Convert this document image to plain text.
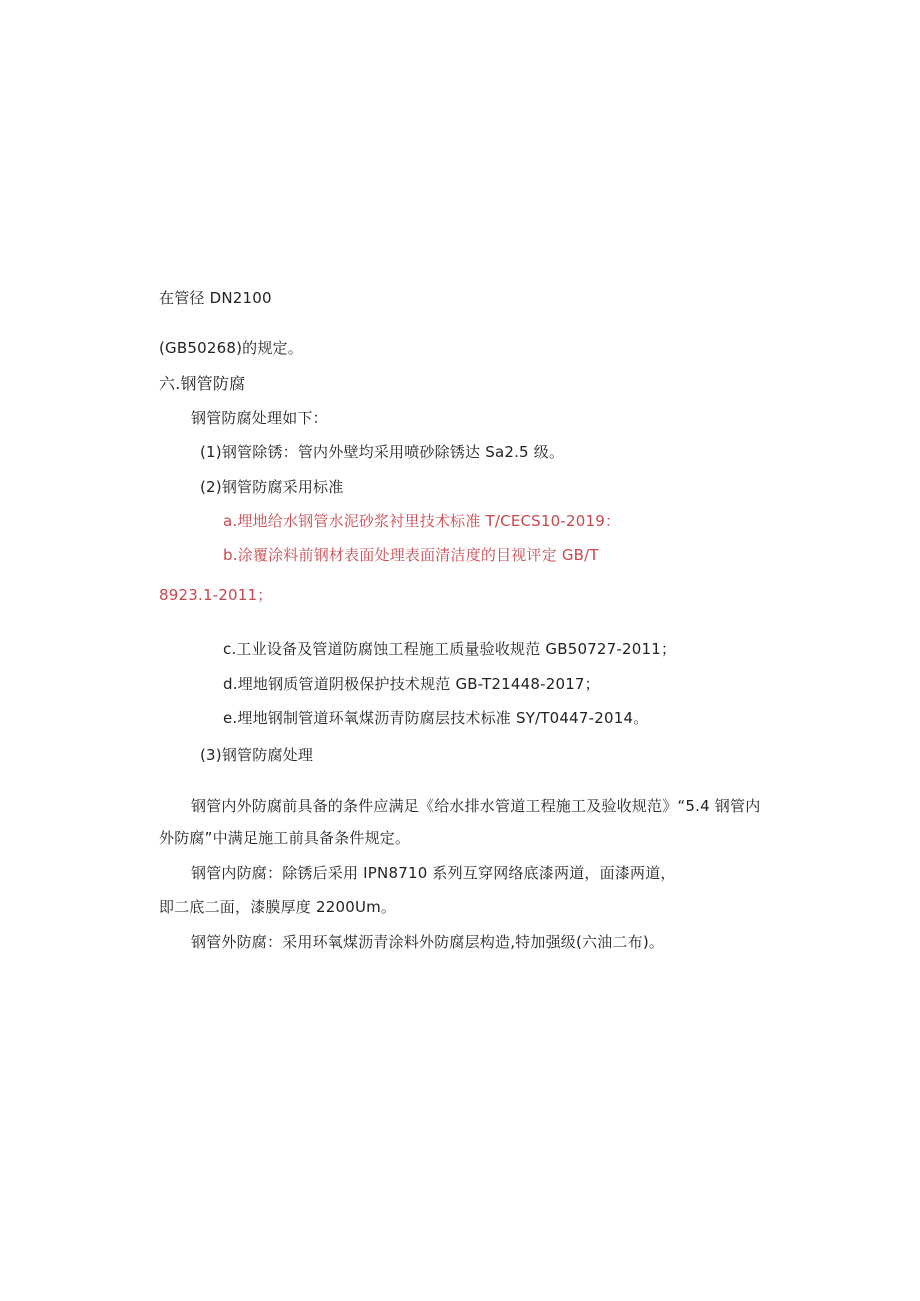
在管径 DN2100
(GB50268)的规定。
六.钢管防腐
钢管防腐处理如下：
(1)钢管除锈：管内外壁均采用喷砂除锈达 Sa2.5 级。
(2)钢管防腐采用标准
a.埋地给水钢管水泥砂浆衬里技术标准 T/CECS10-2019：
b.涂覆涂料前钢材表面处理表面清洁度的目视评定 GB/T
8923.1-2011；
c.工业设备及管道防腐蚀工程施工质量验收规范 GB50727-2011；
d.埋地钢质管道阴极保护技术规范 GB-T21448-2017；
e.埋地钢制管道环氧煤沥青防腐层技术标准 SY/T0447-2014。
(3)钢管防腐处理
钢管内外防腐前具备的条件应满足《给水排水管道工程施工及验收规范》“5.4 钢管内
外防腐”中满足施工前具备条件规定。
钢管内防腐：除锈后采用 IPN8710 系列互穿网络底漆两道，面漆两道，
即二底二面，漆膜厚度 2200Um。
钢管外防腐：采用环氧煤沥青涂料外防腐层构造,特加强级(六油二布)。
